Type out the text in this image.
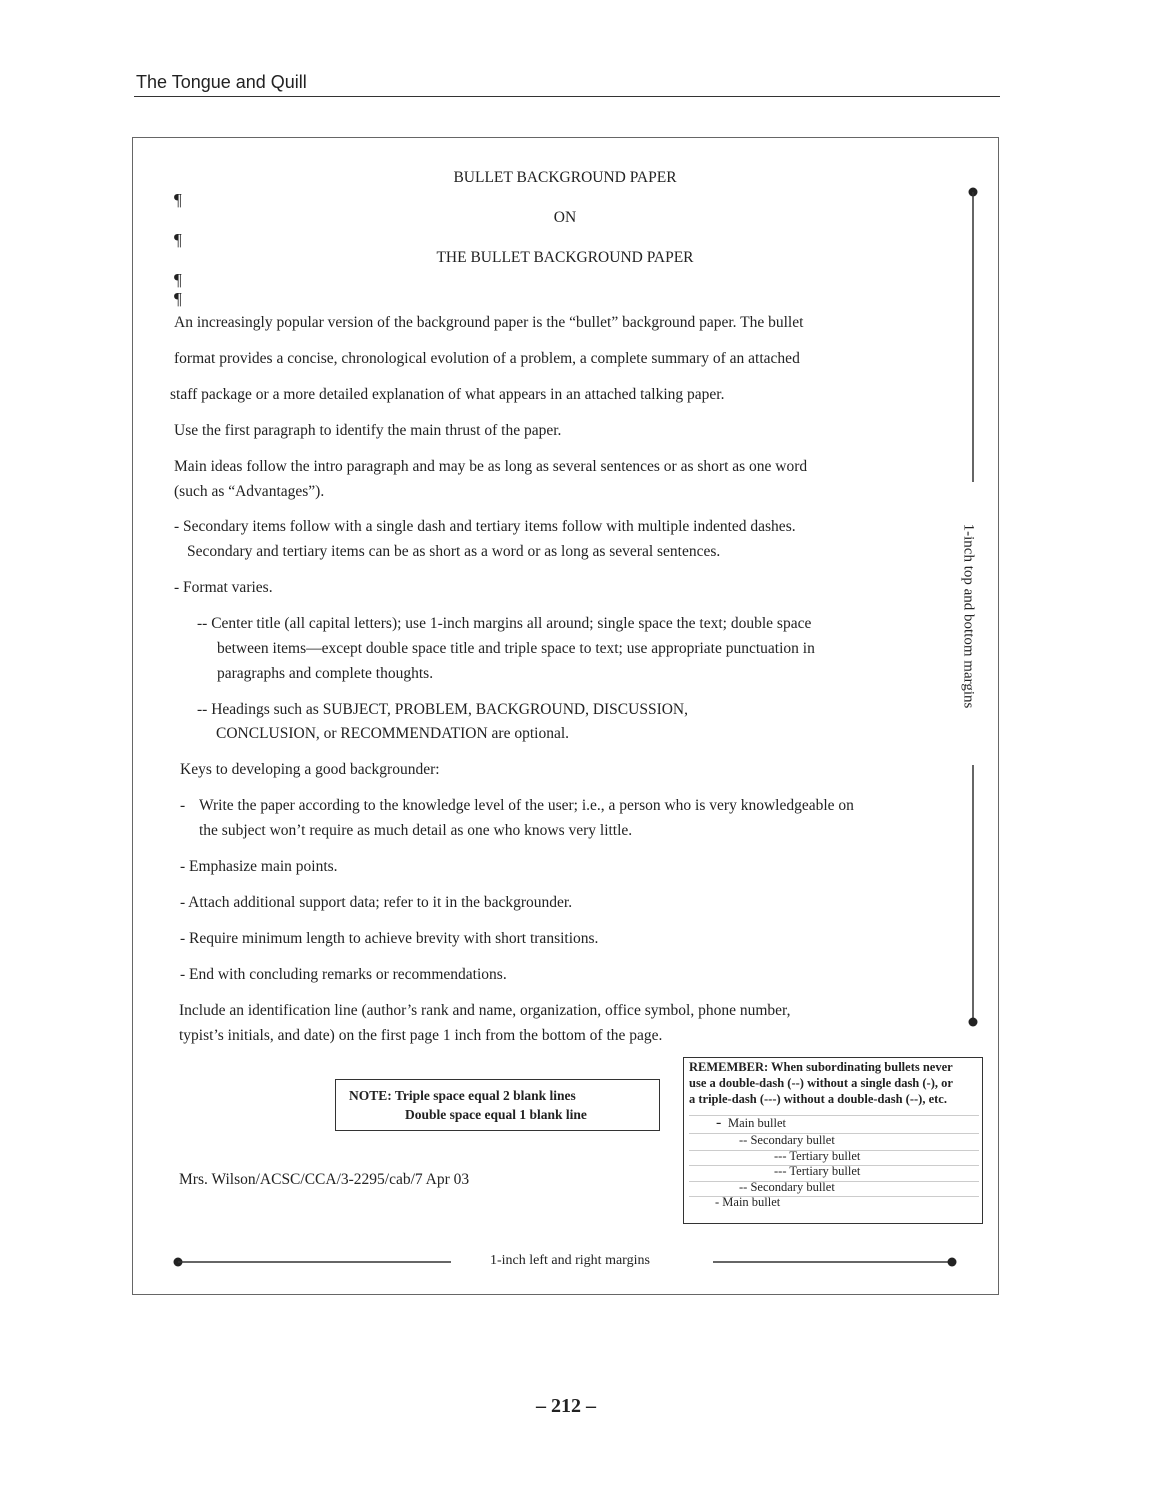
The Tongue and Quill
BULLET BACKGROUND PAPER
ON
THE BULLET BACKGROUND PAPER
¶
¶
¶
¶
An increasingly popular version of the background paper is the “bullet” background paper. The bullet
format provides a concise, chronological evolution of a problem, a complete summary of an attached
staff package or a more detailed explanation of what appears in an attached talking paper.
Use the first paragraph to identify the main thrust of the paper.
Main ideas follow the intro paragraph and may be as long as several sentences or as short as one word
(such as “Advantages”).
- Secondary items follow with a single dash and tertiary items follow with multiple indented dashes.
Secondary and tertiary items can be as short as a word or as long as several sentences.
- Format varies.
-- Center title (all capital letters); use 1-inch margins all around; single space the text; double space
between items—except double space title and triple space to text; use appropriate punctuation in
paragraphs and complete thoughts.
-- Headings such as SUBJECT, PROBLEM, BACKGROUND, DISCUSSION,
CONCLUSION, or RECOMMENDATION are optional.
Keys to developing a good backgrounder:
- Write the paper according to the knowledge level of the user; i.e., a person who is very knowledgeable on
the subject won’t require as much detail as one who knows very little.
- Emphasize main points.
- Attach additional support data; refer to it in the backgrounder.
- Require minimum length to achieve brevity with short transitions.
- End with concluding remarks or recommendations.
Include an identification line (author’s rank and name, organization, office symbol, phone number,
typist’s initials, and date) on the first page 1 inch from the bottom of the page.
NOTE: Triple space equal 2 blank lines
Double space equal 1 blank line
Mrs. Wilson/ACSC/CCA/3-2295/cab/7 Apr 03
REMEMBER: When subordinating bullets never
use a double-dash (--) without a single dash (-), or
a triple-dash (---) without a double-dash (--), etc.
- Main bullet
-- Secondary bullet
--- Tertiary bullet
--- Tertiary bullet
-- Secondary bullet
- Main bullet
1-inch top and bottom margins
1-inch left and right margins
– 212 –
